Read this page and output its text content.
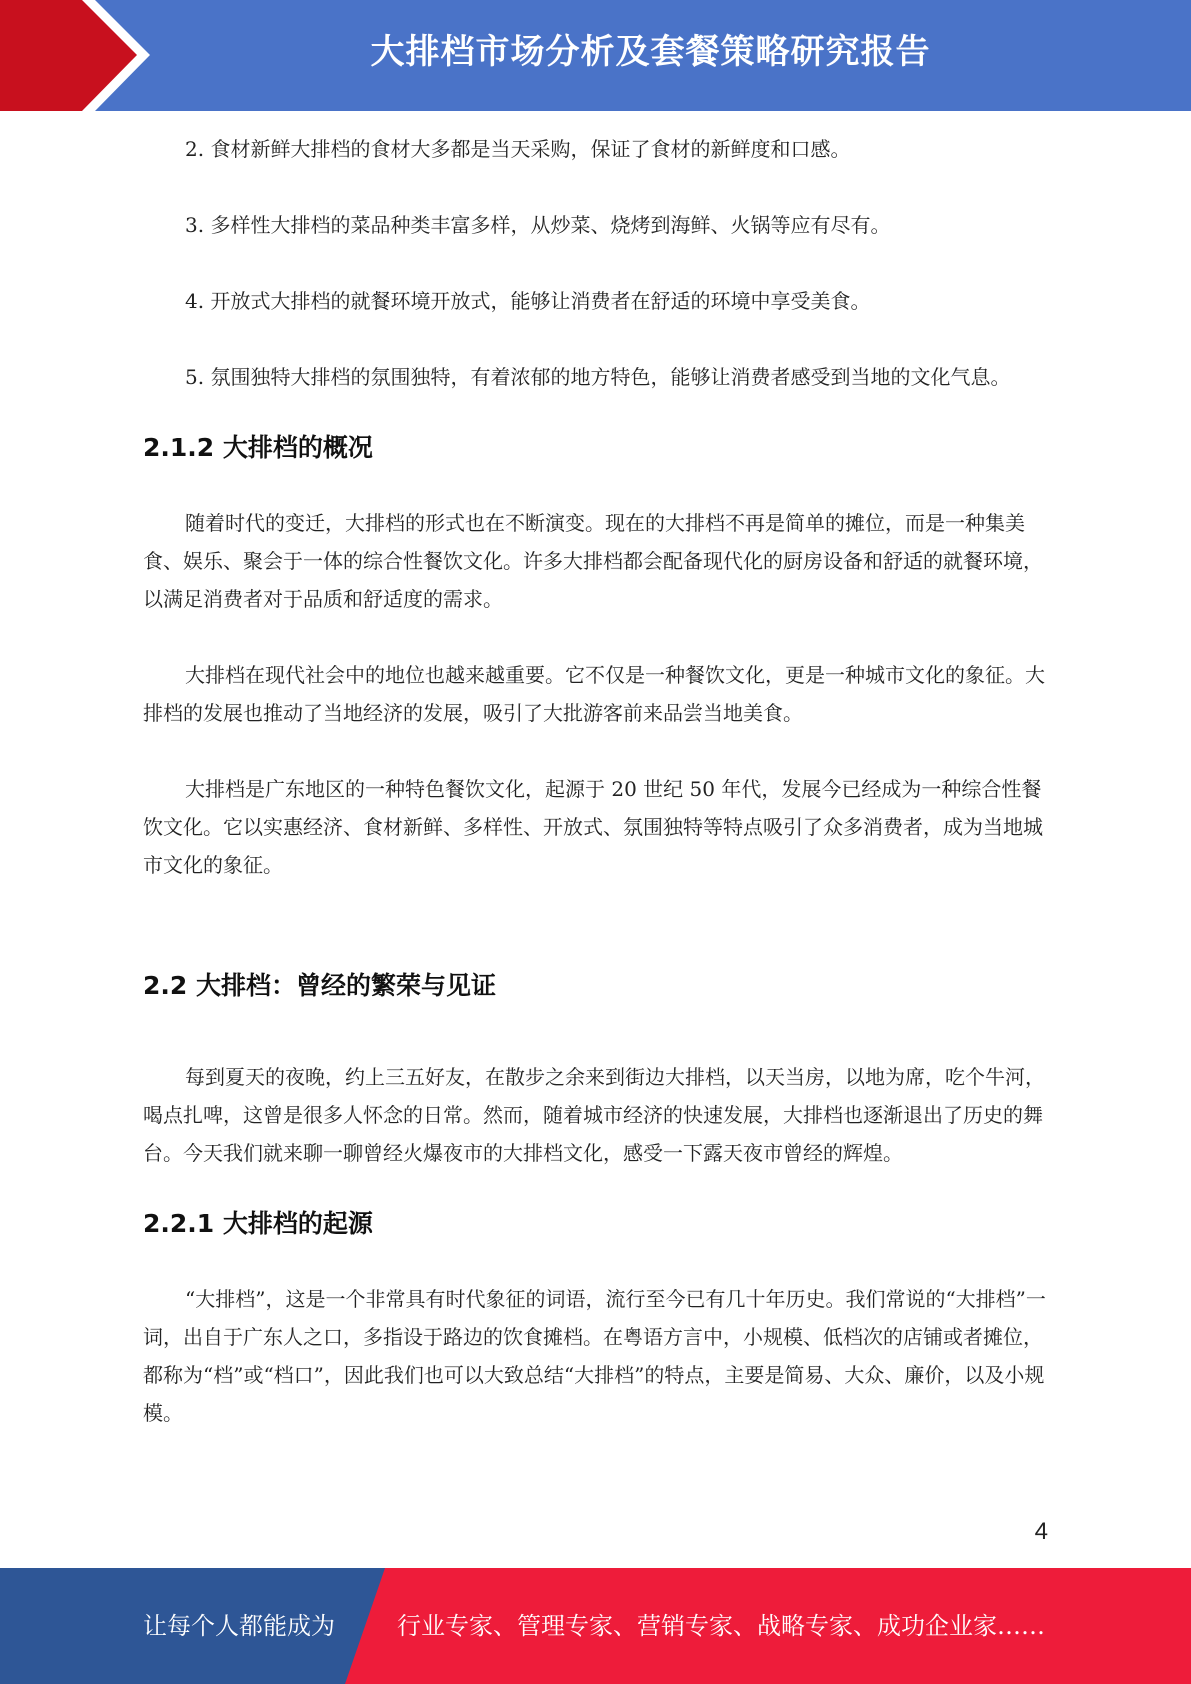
大排档市场分析及套餐策略研究报告

2. 食材新鲜大排档的食材大多都是当天采购，保证了食材的新鲜度和口感。

3. 多样性大排档的菜品种类丰富多样，从炒菜、烧烤到海鲜、火锅等应有尽有。

4. 开放式大排档的就餐环境开放式，能够让消费者在舒适的环境中享受美食。

5. 氛围独特大排档的氛围独特，有着浓郁的地方特色，能够让消费者感受到当地的文化气息。

2.1.2 大排档的概况

随着时代的变迁，大排档的形式也在不断演变。现在的大排档不再是简单的摊位，而是一种集美食、娱乐、聚会于一体的综合性餐饮文化。许多大排档都会配备现代化的厨房设备和舒适的就餐环境，以满足消费者对于品质和舒适度的需求。

大排档在现代社会中的地位也越来越重要。它不仅是一种餐饮文化，更是一种城市文化的象征。大排档的发展也推动了当地经济的发展，吸引了大批游客前来品尝当地美食。

大排档是广东地区的一种特色餐饮文化，起源于 20 世纪 50 年代，发展今已经成为一种综合性餐饮文化。它以实惠经济、食材新鲜、多样性、开放式、氛围独特等特点吸引了众多消费者，成为当地城市文化的象征。

2.2 大排档：曾经的繁荣与见证

每到夏天的夜晚，约上三五好友，在散步之余来到街边大排档，以天当房，以地为席，吃个牛河，喝点扎啤，这曾是很多人怀念的日常。然而，随着城市经济的快速发展，大排档也逐渐退出了历史的舞台。今天我们就来聊一聊曾经火爆夜市的大排档文化，感受一下露天夜市曾经的辉煌。

2.2.1 大排档的起源

“大排档”，这是一个非常具有时代象征的词语，流行至今已有几十年历史。我们常说的“大排档”一词，出自于广东人之口，多指设于路边的饮食摊档。在粤语方言中，小规模、低档次的店铺或者摊位，都称为“档”或“档口”，因此我们也可以大致总结“大排档”的特点，主要是简易、大众、廉价，以及小规模。

4
让每个人都能成为	行业专家、管理专家、营销专家、战略专家、成功企业家……
